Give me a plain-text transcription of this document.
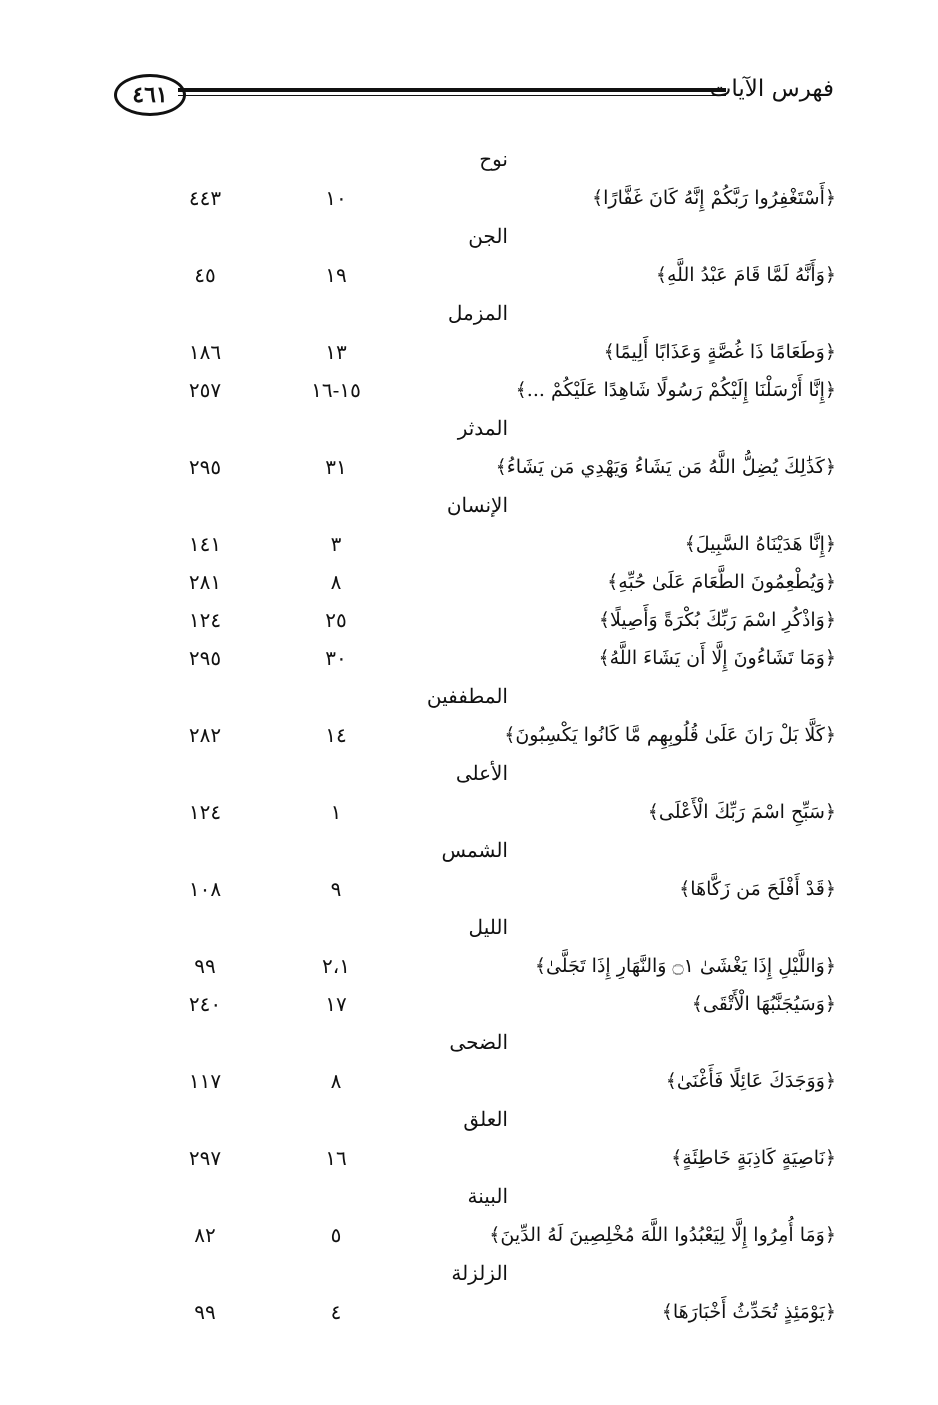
٤٦١	فهرس الآيات
نوح
﴿أَسْتَغْفِرُوا رَبَّكُمْ إِنَّهُ كَانَ غَفَّارًا﴾
١٠
٤٤٣
الجن
﴿وَأَنَّهُ لَمَّا قَامَ عَبْدُ اللَّهِ﴾
١٩
٤٥
المزمل
﴿وَطَعَامًا ذَا غُصَّةٍ وَعَذَابًا أَلِيمًا﴾
١٣
١٨٦
﴿إِنَّا أَرْسَلْنَا إِلَيْكُمْ رَسُولًا شَاهِدًا عَلَيْكُمْ ...﴾
١٥-١٦
٢٥٧
المدثر
﴿كَذَٰلِكَ يُضِلُّ اللَّهُ مَن يَشَاءُ وَيَهْدِي مَن يَشَاءُ﴾
٣١
٢٩٥
الإنسان
﴿إِنَّا هَدَيْنَاهُ السَّبِيلَ﴾
٣
١٤١
﴿وَيُطْعِمُونَ الطَّعَامَ عَلَىٰ حُبِّهِ﴾
٨
٢٨١
﴿وَاذْكُرِ اسْمَ رَبِّكَ بُكْرَةً وَأَصِيلًا﴾
٢٥
١٢٤
﴿وَمَا تَشَاءُونَ إِلَّا أَن يَشَاءَ اللَّهُ﴾
٣٠
٢٩٥
المطففين
﴿كَلَّا بَلْ رَانَ عَلَىٰ قُلُوبِهِم مَّا كَانُوا يَكْسِبُونَ﴾
١٤
٢٨٢
الأعلى
﴿سَبِّحِ اسْمَ رَبِّكَ الْأَعْلَى﴾
١
١٢٤
الشمس
﴿قَدْ أَفْلَحَ مَن زَكَّاهَا﴾
٩
١٠٨
الليل
﴿وَاللَّيْلِ إِذَا يَغْشَىٰ ۝١ وَالنَّهَارِ إِذَا تَجَلَّىٰ﴾
٢،١
٩٩
﴿وَسَيُجَنَّبُهَا الْأَتْقَى﴾
١٧
٢٤٠
الضحى
﴿وَوَجَدَكَ عَائِلًا فَأَغْنَىٰ﴾
٨
١١٧
العلق
﴿نَاصِيَةٍ كَاذِبَةٍ خَاطِئَةٍ﴾
١٦
٢٩٧
البينة
﴿وَمَا أُمِرُوا إِلَّا لِيَعْبُدُوا اللَّهَ مُخْلِصِينَ لَهُ الدِّينَ﴾
٥
٨٢
الزلزلة
﴿يَوْمَئِذٍ تُحَدِّثُ أَخْبَارَهَا﴾
٤
٩٩
